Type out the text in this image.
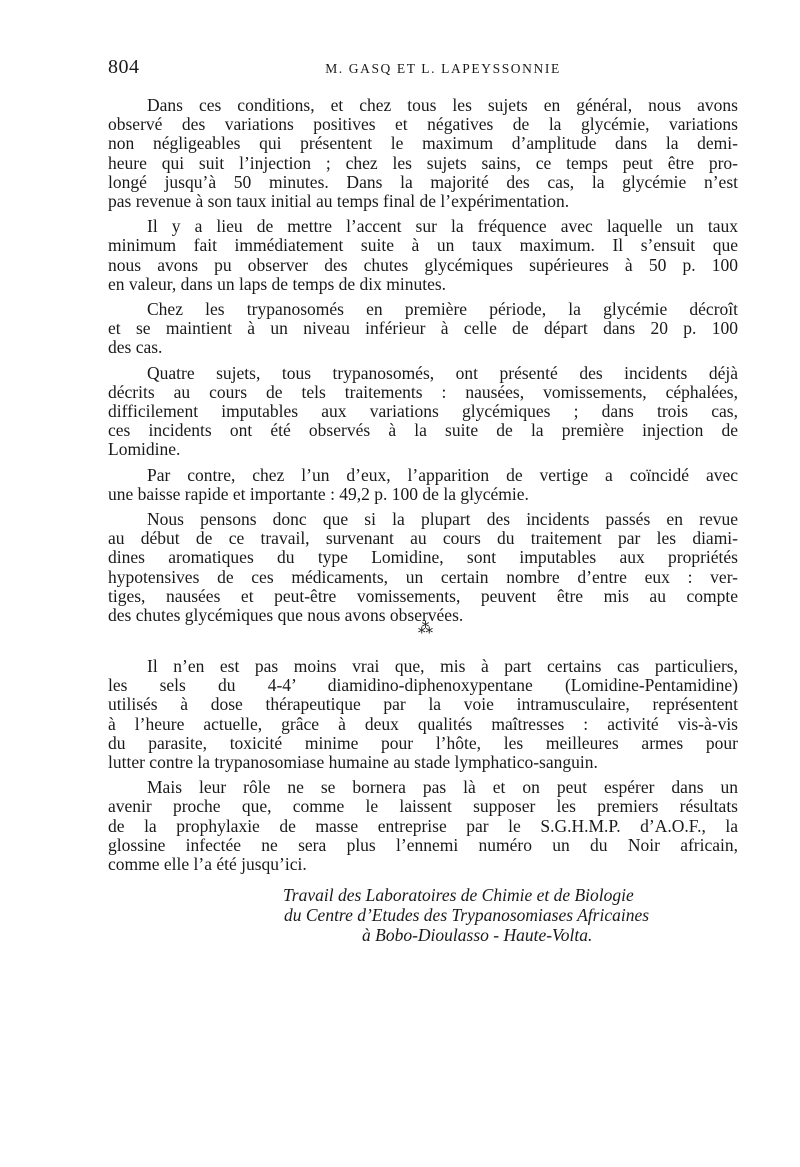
804	M. GASQ ET L. LAPEYSSONNIE

Dans ces conditions, et chez tous les sujets en général, nous avons
observé des variations positives et négatives de la glycémie, variations
non négligeables qui présentent le maximum d’amplitude dans la demi-
heure qui suit l’injection ; chez les sujets sains, ce temps peut être pro-
longé jusqu’à 50 minutes. Dans la majorité des cas, la glycémie n’est
pas revenue à son taux initial au temps final de l’expérimentation.

Il y a lieu de mettre l’accent sur la fréquence avec laquelle un taux
minimum fait immédiatement suite à un taux maximum. Il s’ensuit que
nous avons pu observer des chutes glycémiques supérieures à 50 p. 100
en valeur, dans un laps de temps de dix minutes.

Chez les trypanosomés en première période, la glycémie décroît
et se maintient à un niveau inférieur à celle de départ dans 20 p. 100
des cas.

Quatre sujets, tous trypanosomés, ont présenté des incidents déjà
décrits au cours de tels traitements : nausées, vomissements, céphalées,
difficilement imputables aux variations glycémiques ; dans trois cas,
ces incidents ont été observés à la suite de la première injection de
Lomidine.

Par contre, chez l’un d’eux, l’apparition de vertige a coïncidé avec
une baisse rapide et importante : 49,2 p. 100 de la glycémie.

Nous pensons donc que si la plupart des incidents passés en revue
au début de ce travail, survenant au cours du traitement par les diami-
dines aromatiques du type Lomidine, sont imputables aux propriétés
hypotensives de ces médicaments, un certain nombre d’entre eux : ver-
tiges, nausées et peut-être vomissements, peuvent être mis au compte
des chutes glycémiques que nous avons observées.

⁂

Il n’en est pas moins vrai que, mis à part certains cas particuliers,
les sels du 4-4’ diamidino-diphenoxypentane (Lomidine-Pentamidine)
utilisés à dose thérapeutique par la voie intramusculaire, représentent
à l’heure actuelle, grâce à deux qualités maîtresses : activité vis-à-vis
du parasite, toxicité minime pour l’hôte, les meilleures armes pour
lutter contre la trypanosomiase humaine au stade lymphatico-sanguin.

Mais leur rôle ne se bornera pas là et on peut espérer dans un
avenir proche que, comme le laissent supposer les premiers résultats
de la prophylaxie de masse entreprise par le S.G.H.M.P. d’A.O.F., la
glossine infectée ne sera plus l’ennemi numéro un du Noir africain,
comme elle l’a été jusqu’ici.

Travail des Laboratoires de Chimie et de Biologie
du Centre d’Etudes des Trypanosomiases Africaines
à Bobo-Dioulasso - Haute-Volta.
